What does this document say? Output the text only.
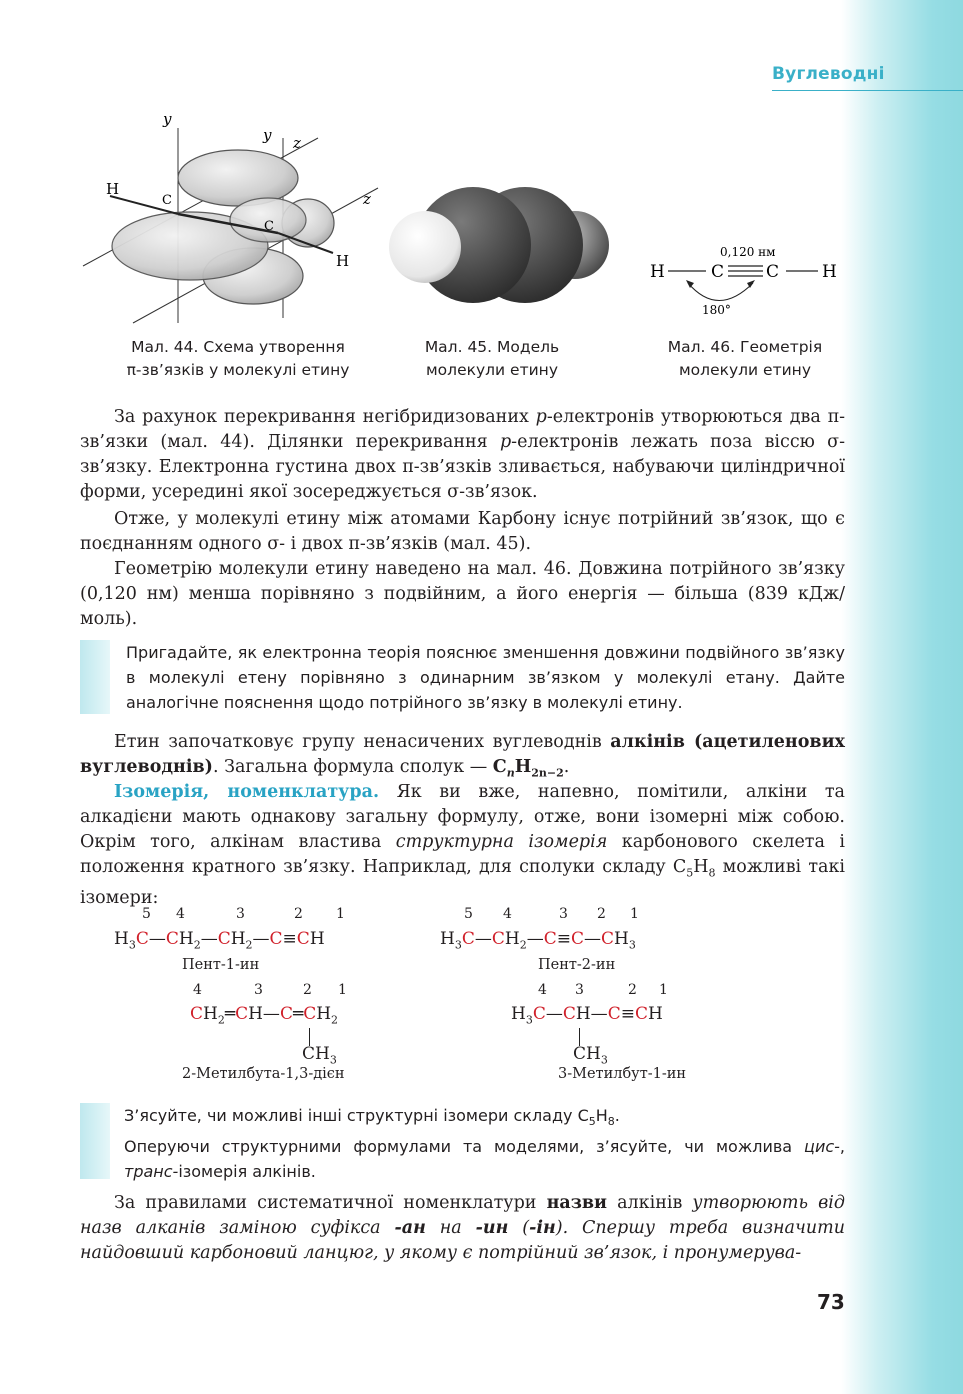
Вуглеводні
y
y z
z
H
C
C
H
Мал. 44. Схема утворення
π-зв’язків у молекулі етину
Мал. 45. Модель
молекули етину
H	C C	H
0,120 нм
180°
Мал. 46. Геометрія
молекули етину
За рахунок перекривання негібридизованих p-електронів утворюються два π-зв’язки (мал. 44). Ділянки перекривання p-електронів лежать поза віссю σ-зв’язку. Електронна густина двох π-зв’язків зливається, набуваючи циліндричної форми, усередині якої зосереджується σ-зв’язок.
Отже, у молекулі етину між атомами Карбону існує потрійний зв’язок, що є поєднанням одного σ- і двох π-зв’язків (мал. 45).
Геометрію молекули етину наведено на мал. 46. Довжина потрійного зв’язку (0,120 нм) менша порівняно з подвійним, а його енергія — більша (839 кДж/моль).
Пригадайте, як електронна теорія пояснює зменшення довжини подвійного зв’язку в молекулі етену порівняно з одинарним зв’язком у молекулі етану. Дайте аналогічне пояснення щодо потрійного зв’язку в молекулі етину.
Етин започатковує групу ненасичених вуглеводнів алкінів (ацетиленових вуглеводнів). Загальна формула сполук — $C_nH_{2n-2}$.
Ізомерія, номенклатура. Як ви вже, напевно, помітили, алкіни та алкадієни мають однакову загальну формулу, отже, вони ізомерні між собою. Окрім того, алкінам властива структурна ізомерія карбонового скелета і положення кратного зв’язку. Наприклад, для сполуки складу $C_5H_8$ можливі такі ізомери:
5 4	3	2 1
$H_3C—CH_2—CH_2—C\equiv CH$
Пент-1-ин
5 4	3 2 1
$H_3C—CH_2—C\equiv C—CH_3$
Пент-2-ин
4	3	2 1
$CH_2═CH—C═CH_2$
$CH_3$
2-Метилбута-1,3-дієн
4 3	2 1
$H_3C—CH—C\equiv CH$
$CH_3$
3-Метилбут-1-ин
З’ясуйте, чи можливі інші структурні ізомери складу $C_5H_8$.
Оперуючи структурними формулами та моделями, з’ясуйте, чи можлива цис-, транс-ізомерія алкінів.
За правилами систематичної номенклатури назви алкінів утворюють від назв алканів заміною суфікса -ан на -ин (-ін). Спершу треба визначити найдовший карбоновий ланцюг, у якому є потрійний зв’язок, і пронумерува-
73
